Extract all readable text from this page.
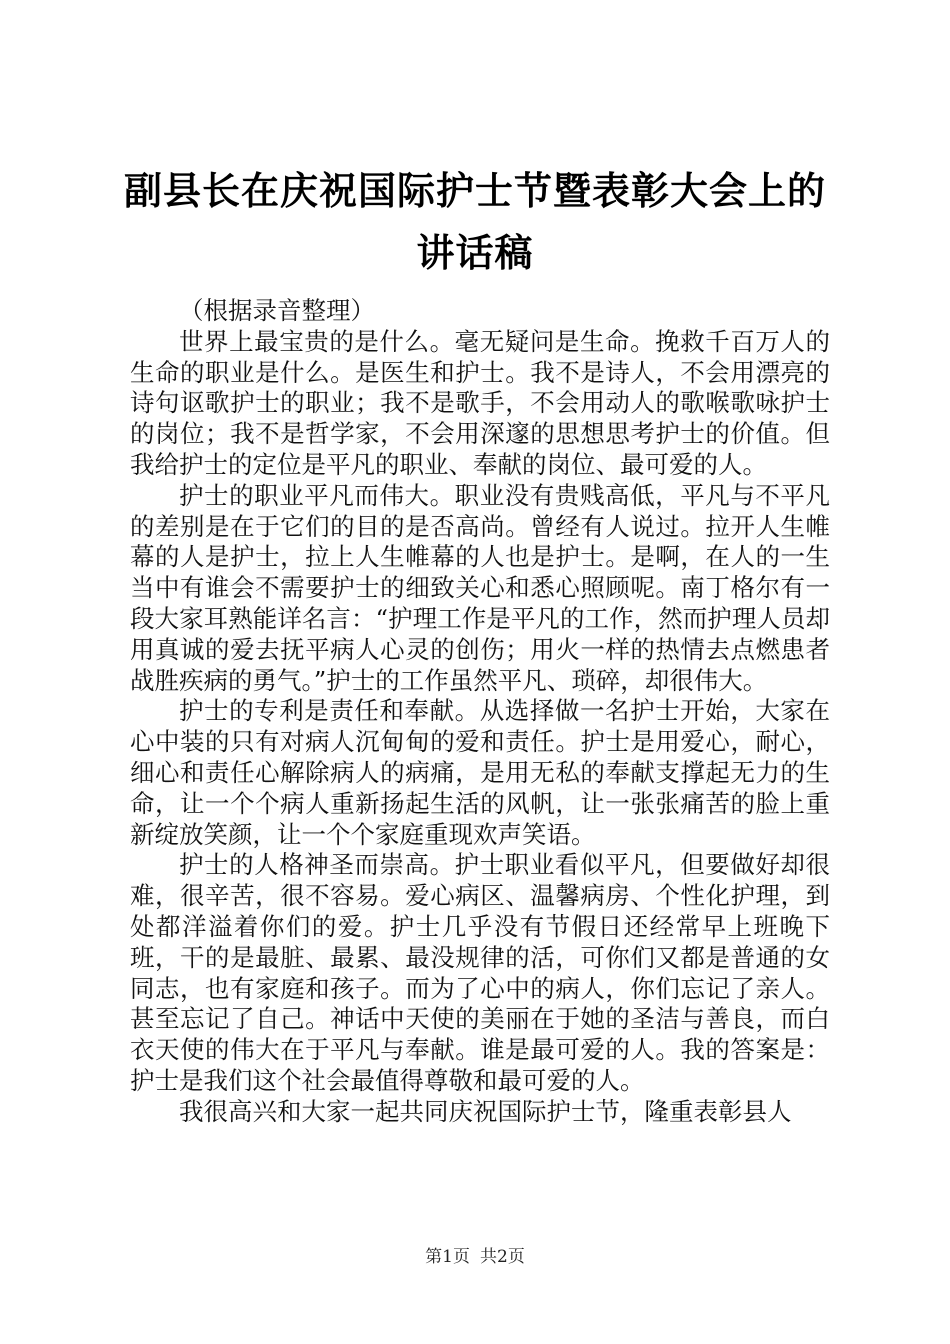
副县长在庆祝国际护士节暨表彰大会上的讲话稿

（根据录音整理）

世界上最宝贵的是什么。毫无疑问是生命。挽救千百万人的生命的职业是什么。是医生和护士。我不是诗人，不会用漂亮的诗句讴歌护士的职业；我不是歌手，不会用动人的歌喉歌咏护士的岗位；我不是哲学家，不会用深邃的思想思考护士的价值。但我给护士的定位是平凡的职业、奉献的岗位、最可爱的人。

护士的职业平凡而伟大。职业没有贵贱高低，平凡与不平凡的差别是在于它们的目的是否高尚。曾经有人说过。拉开人生帷幕的人是护士，拉上人生帷幕的人也是护士。是啊，在人的一生当中有谁会不需要护士的细致关心和悉心照顾呢。南丁格尔有一段大家耳熟能详名言：“护理工作是平凡的工作，然而护理人员却用真诚的爱去抚平病人心灵的创伤；用火一样的热情去点燃患者战胜疾病的勇气。”护士的工作虽然平凡、琐碎，却很伟大。

护士的专利是责任和奉献。从选择做一名护士开始，大家在心中装的只有对病人沉甸甸的爱和责任。护士是用爱心，耐心，细心和责任心解除病人的病痛，是用无私的奉献支撑起无力的生命，让一个个病人重新扬起生活的风帆，让一张张痛苦的脸上重新绽放笑颜，让一个个家庭重现欢声笑语。

护士的人格神圣而崇高。护士职业看似平凡，但要做好却很难，很辛苦，很不容易。爱心病区、温馨病房、个性化护理，到处都洋溢着你们的爱。护士几乎没有节假日还经常早上班晚下班，干的是最脏、最累、最没规律的活，可你们又都是普通的女同志，也有家庭和孩子。而为了心中的病人，你们忘记了亲人。甚至忘记了自己。神话中天使的美丽在于她的圣洁与善良，而白衣天使的伟大在于平凡与奉献。谁是最可爱的人。我的答案是：护士是我们这个社会最值得尊敬和最可爱的人。

我很高兴和大家一起共同庆祝国际护士节，隆重表彰县人

第1页 共2页
